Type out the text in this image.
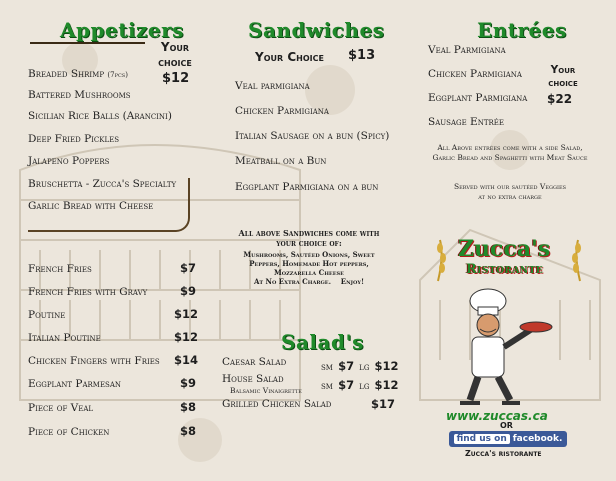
Appetizers
Your choice
$12
Breaded Shrimp (7pcs)
Battered Mushrooms
Sicilian Rice Balls (Arancini)
Deep Fried Pickles
Jalapeno Poppers
Bruschetta - Zucca's Specialty
Garlic Bread with Cheese
French Fries	$7
French Fries with Gravy	$9
Poutine	$12
Italian Poutine	$12
Chicken Fingers with Fries $14
Eggplant Parmesan	$9
Piece of Veal	$8
Piece of Chicken	$8
Sandwiches
Your Choice $13
Veal parmigiana
Chicken Parmigiana
Italian Sausage on a bun (Spicy)
Meatball on a Bun
Eggplant Parmigiana on a bun
All above Sandwiches come with your choice of:
Mushrooms, Sautéed Onions, Sweet Peppers, Homemade Hot peppers, Mozzarella Cheese
At No Extra Charge.    Enjoy!
Salad's
Caesar Salad	SM $7 LG $12
House Salad
Balsamic Vinaigrette	SM $7 LG $12
Grilled Chicken Salad	$17
Entrées
Veal Parmigiana
Chicken Parmigiana
Eggplant Parmigiana
Sausage Entrée
Your choice
$22
All Above entrées come with a side Salad, Garlic Bread and Spaghetti with Meat Sauce
Served with our sautéed Veggies at no extra charge
Zucca's
Ristorante
www.zuccas.ca
OR
find us on facebook.
Zucca's ristorante
